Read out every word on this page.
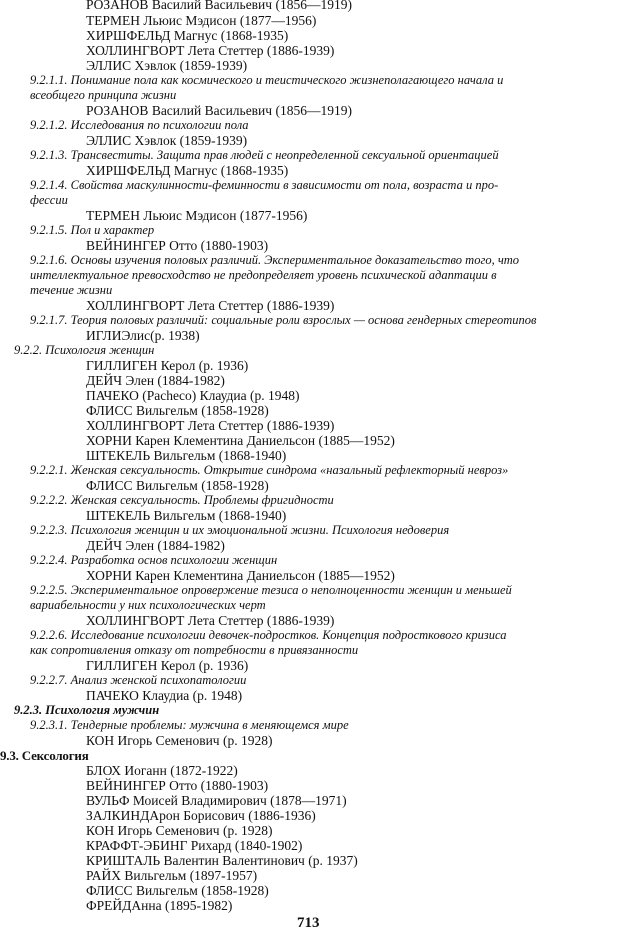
РОЗАНОВ Василий Васильевич (1856—1919)
ТЕРМЕН Льюис Мэдисон (1877—1956)
ХИРШФЕЛЬД Магнус (1868-1935)
ХОЛЛИНГВОРТ Лета Стеттер (1886-1939)
ЭЛЛИС Хэвлок (1859-1939)
9.2.1.1. Понимание пола как космического и теистического жизнеполагающего начала и
всеобщего принципа жизни
РОЗАНОВ Василий Васильевич (1856—1919)
9.2.1.2. Исследования по психологии пола
ЭЛЛИС Хэвлок (1859-1939)
9.2.1.3. Трансвеститы. Защита прав людей с неопределенной сексуальной ориентацией
ХИРШФЕЛЬД Магнус (1868-1935)
9.2.1.4. Свойства маскулинности-феминности в зависимости от пола, возраста и про-
фессии
ТЕРМЕН Льюис Мэдисон (1877-1956)
9.2.1.5. Пол и характер
ВЕЙНИНГЕР Отто (1880-1903)
9.2.1.6. Основы изучения половых различий. Экспериментальное доказательство того, что
интеллектуальное превосходство не предопределяет уровень психической адаптации в
течение жизни
ХОЛЛИНГВОРТ Лета Стеттер (1886-1939)
9.2.1.7. Теория половых различий: социальные роли взрослых — основа гендерных стереотипов
ИГЛИЭлис(р. 1938)
9.2.2. Психология женщин
ГИЛЛИГЕН Керол (р. 1936)
ДЕЙЧ Элен (1884-1982)
ПАЧЕКО (Pacheco) Клаудиа (р. 1948)
ФЛИСС Вильгельм (1858-1928)
ХОЛЛИНГВОРТ Лета Стеттер (1886-1939)
ХОРНИ Карен Клементина Даниельсон (1885—1952)
ШТЕКЕЛЬ Вильгельм (1868-1940)
9.2.2.1. Женская сексуальность. Открытие синдрома «назальный рефлекторный невроз»
ФЛИСС Вильгельм (1858-1928)
9.2.2.2. Женская сексуальность. Проблемы фригидности
ШТЕКЕЛЬ Вильгельм (1868-1940)
9.2.2.3. Психология женщин и их эмоциональной жизни. Психология недоверия
ДЕЙЧ Элен (1884-1982)
9.2.2.4. Разработка основ психологии женщин
ХОРНИ Карен Клементина Даниельсон (1885—1952)
9.2.2.5. Экспериментальное опровержение тезиса о неполноценности женщин и меньшей
вариабельности у них психологических черт
ХОЛЛИНГВОРТ Лета Стеттер (1886-1939)
9.2.2.6. Исследование психологии девочек-подростков. Концепция подросткового кризиса
как сопротивления отказу от потребности в привязанности
ГИЛЛИГЕН Керол (р. 1936)
9.2.2.7. Анализ женской психопатологии
ПАЧЕКО Клаудиа (р. 1948)
9.2.3. Психология мужчин
9.2.3.1. Тендерные проблемы: мужчина в меняющемся мире
КОН Игорь Семенович (р. 1928)
9.3. Сексология
БЛОХ Иоганн (1872-1922)
ВЕЙНИНГЕР Отто (1880-1903)
ВУЛЬФ Моисей Владимирович (1878—1971)
ЗАЛКИНДАрон Борисович (1886-1936)
КОН Игорь Семенович (р. 1928)
КРАФФТ-ЭБИНГ Рихард (1840-1902)
КРИШТАЛЬ Валентин Валентинович (р. 1937)
РАЙХ Вильгельм (1897-1957)
ФЛИСС Вильгельм (1858-1928)
ФРЕЙДАнна (1895-1982)
713
